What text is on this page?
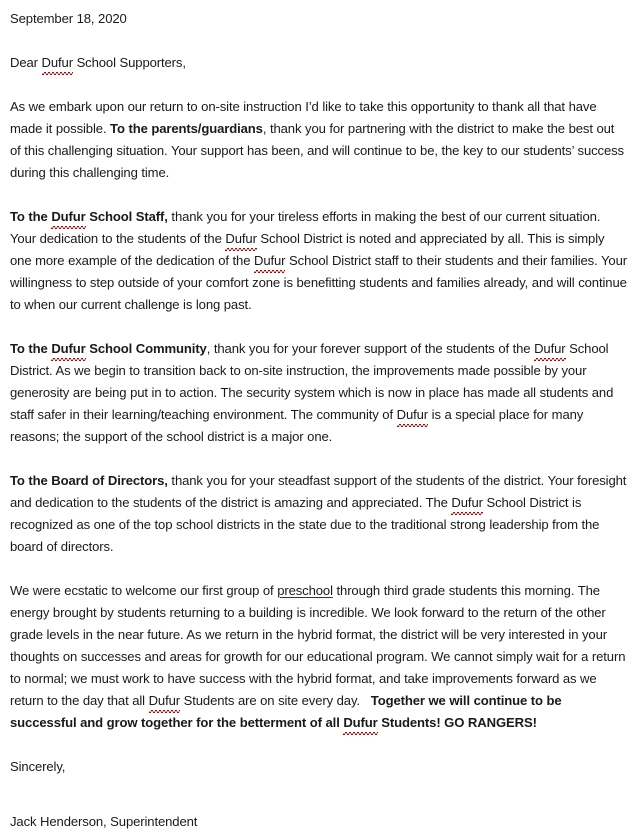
September 18, 2020

Dear Dufur School Supporters,

As we embark upon our return to on-site instruction I’d like to take this opportunity to thank all that have made it possible. To the parents/guardians, thank you for partnering with the district to make the best out of this challenging situation. Your support has been, and will continue to be, the key to our students’ success during this challenging time.

To the Dufur School Staff, thank you for your tireless efforts in making the best of our current situation. Your dedication to the students of the Dufur School District is noted and appreciated by all. This is simply one more example of the dedication of the Dufur School District staff to their students and their families. Your willingness to step outside of your comfort zone is benefitting students and families already, and will continue to when our current challenge is long past.

To the Dufur School Community, thank you for your forever support of the students of the Dufur School District. As we begin to transition back to on-site instruction, the improvements made possible by your generosity are being put in to action. The security system which is now in place has made all students and staff safer in their learning/teaching environment. The community of Dufur is a special place for many reasons; the support of the school district is a major one.

To the Board of Directors, thank you for your steadfast support of the students of the district. Your foresight and dedication to the students of the district is amazing and appreciated. The Dufur School District is recognized as one of the top school districts in the state due to the traditional strong leadership from the board of directors.

We were ecstatic to welcome our first group of preschool through third grade students this morning. The energy brought by students returning to a building is incredible. We look forward to the return of the other grade levels in the near future. As we return in the hybrid format, the district will be very interested in your thoughts on successes and areas for growth for our educational program. We cannot simply wait for a return to normal; we must work to have success with the hybrid format, and take improvements forward as we return to the day that all Dufur Students are on site every day. Together we will continue to be successful and grow together for the betterment of all Dufur Students! GO RANGERS!

Sincerely,

Jack Henderson, Superintendent
